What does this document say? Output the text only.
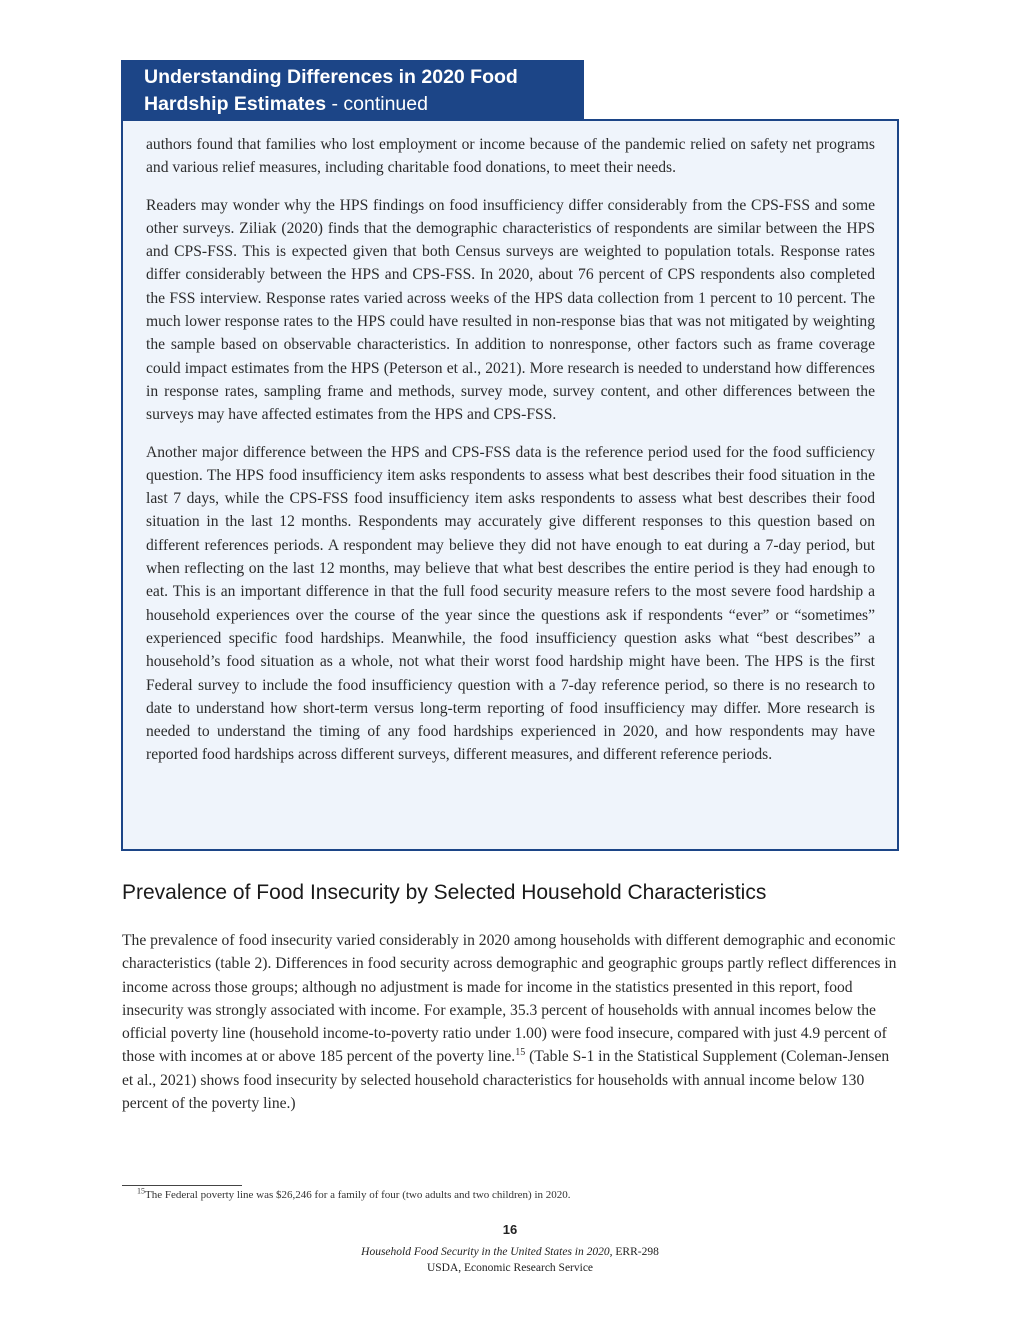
Understanding Differences in 2020 Food Hardship Estimates - continued

authors found that families who lost employment or income because of the pandemic relied on safety net programs and various relief measures, including charitable food donations, to meet their needs.

Readers may wonder why the HPS findings on food insufficiency differ considerably from the CPS-FSS and some other surveys. Ziliak (2020) finds that the demographic characteristics of respondents are similar between the HPS and CPS-FSS. This is expected given that both Census surveys are weighted to population totals. Response rates differ considerably between the HPS and CPS-FSS. In 2020, about 76 percent of CPS respondents also completed the FSS interview. Response rates varied across weeks of the HPS data collection from 1 percent to 10 percent. The much lower response rates to the HPS could have resulted in non-response bias that was not mitigated by weighting the sample based on observable characteristics. In addition to nonresponse, other factors such as frame coverage could impact estimates from the HPS (Peterson et al., 2021). More research is needed to understand how differences in response rates, sampling frame and methods, survey mode, survey content, and other differences between the surveys may have affected estimates from the HPS and CPS-FSS.

Another major difference between the HPS and CPS-FSS data is the reference period used for the food sufficiency question. The HPS food insufficiency item asks respondents to assess what best describes their food situation in the last 7 days, while the CPS-FSS food insufficiency item asks respondents to assess what best describes their food situation in the last 12 months. Respondents may accurately give different responses to this question based on different references periods. A respondent may believe they did not have enough to eat during a 7-day period, but when reflecting on the last 12 months, may believe that what best describes the entire period is they had enough to eat. This is an important difference in that the full food security measure refers to the most severe food hardship a household experiences over the course of the year since the questions ask if respondents “ever” or “sometimes” experienced specific food hardships. Meanwhile, the food insufficiency question asks what “best describes” a household’s food situation as a whole, not what their worst food hardship might have been. The HPS is the first Federal survey to include the food insufficiency question with a 7-day reference period, so there is no research to date to understand how short-term versus long-term reporting of food insufficiency may differ. More research is needed to understand the timing of any food hardships experienced in 2020, and how respondents may have reported food hardships across different surveys, different measures, and different reference periods.

Prevalence of Food Insecurity by Selected Household Characteristics

The prevalence of food insecurity varied considerably in 2020 among households with different demographic and economic characteristics (table 2). Differences in food security across demographic and geographic groups partly reflect differences in income across those groups; although no adjustment is made for income in the statistics presented in this report, food insecurity was strongly associated with income. For example, 35.3 percent of households with annual incomes below the official poverty line (household income-to-poverty ratio under 1.00) were food insecure, compared with just 4.9 percent of those with incomes at or above 185 percent of the poverty line.$^{15}$ (Table S-1 in the Statistical Supplement (Coleman-Jensen et al., 2021) shows food insecurity by selected household characteristics for households with annual income below 130 percent of the poverty line.)

$^{15}$The Federal poverty line was $26,246 for a family of four (two adults and two children) in 2020.
16
Household Food Security in the United States in 2020, ERR-298
USDA, Economic Research Service
